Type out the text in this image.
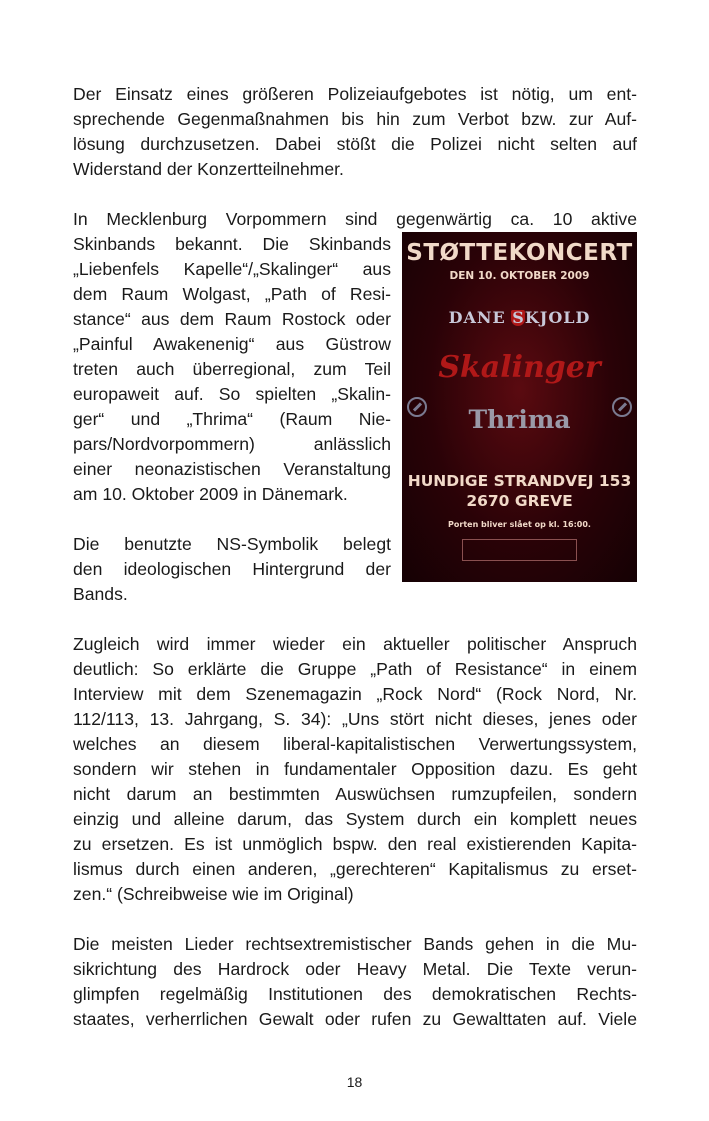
Der Einsatz eines größeren Polizeiaufgebotes ist nötig, um ent-
sprechende Gegenmaßnahmen bis hin zum Verbot bzw. zur Auf-
lösung durchzusetzen. Dabei stößt die Polizei nicht selten auf
Widerstand der Konzertteilnehmer.
In Mecklenburg Vorpommern sind gegenwärtig ca. 10 aktive
STØTTEKONCERT
DEN 10. OKTOBER 2009
DANE SKJOLD
Skalinger
Thrima
HUNDIGE STRANDVEJ 153
2670 GREVE
Porten bliver slået op kl. 16:00.
Skinbands bekannt. Die Skinbands
„Liebenfels Kapelle“/„Skalinger“ aus
dem Raum Wolgast, „Path of Resi-
stance“ aus dem Raum Rostock oder
„Painful Awakenenig“ aus Güstrow
treten auch überregional, zum Teil
europaweit auf. So spielten „Skalin-
ger“ und „Thrima“ (Raum Nie-
pars/Nordvorpommern) anlässlich
einer neonazistischen Veranstaltung
am 10. Oktober 2009 in Dänemark.
Die benutzte NS-Symbolik belegt
den ideologischen Hintergrund der
Bands.
Zugleich wird immer wieder ein aktueller politischer Anspruch
deutlich: So erklärte die Gruppe „Path of Resistance“ in einem
Interview mit dem Szenemagazin „Rock Nord“ (Rock Nord, Nr.
112/113, 13. Jahrgang, S. 34): „Uns stört nicht dieses, jenes oder
welches an diesem liberal-kapitalistischen Verwertungssystem,
sondern wir stehen in fundamentaler Opposition dazu. Es geht
nicht darum an bestimmten Auswüchsen rumzupfeilen, sondern
einzig und alleine darum, das System durch ein komplett neues
zu ersetzen. Es ist unmöglich bspw. den real existierenden Kapita-
lismus durch einen anderen, „gerechteren“ Kapitalismus zu erset-
zen.“ (Schreibweise wie im Original)
Die meisten Lieder rechtsextremistischer Bands gehen in die Mu-
sikrichtung des Hardrock oder Heavy Metal. Die Texte verun-
glimpfen regelmäßig Institutionen des demokratischen Rechts-
staates, verherrlichen Gewalt oder rufen zu Gewalttaten auf. Viele
18
